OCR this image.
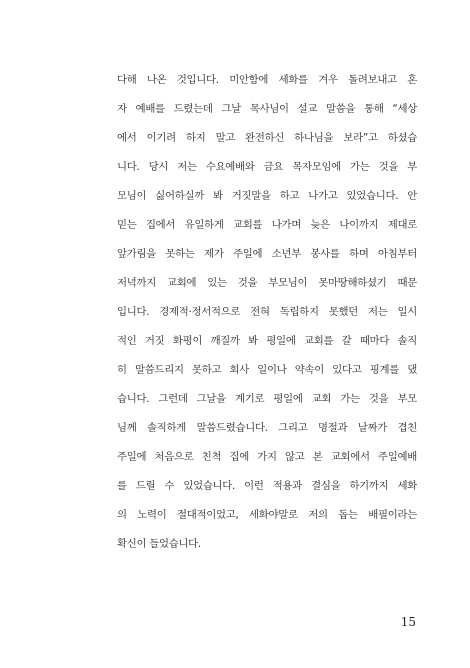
다해 나온 것입니다. 미안함에 세화를 겨우 돌려보내고 혼
자 예배를 드렸는데 그날 목사님이 설교 말씀을 통해 “세상
에서 이기려 하지 말고 완전하신 하나님을 보라”고 하셨습
니다. 당시 저는 수요예배와 금요 목자모임에 가는 것을 부
모님이 싫어하실까 봐 거짓말을 하고 나가고 있었습니다. 안
믿는 집에서 유일하게 교회를 나가며 늦은 나이까지 제대로
앞가림을 못하는 제가 주일에 소년부 봉사를 하며 아침부터
저녁까지 교회에 있는 것을 부모님이 못마땅해하셨기 때문
입니다. 경제적·정서적으로 전혀 독립하지 못했던 저는 일시
적인 거짓 화평이 깨질까 봐 평일에 교회를 갈 때마다 솔직
히 말씀드리지 못하고 회사 일이나 약속이 있다고 핑계를 댔
습니다. 그런데 그날을 계기로 평일에 교회 가는 것을 부모
님께 솔직하게 말씀드렸습니다. 그리고 명절과 날짜가 겹친
주일에 처음으로 친척 집에 가지 않고 본 교회에서 주일예배
를 드릴 수 있었습니다. 이런 적용과 결심을 하기까지 세화
의 노력이 절대적이었고, 세화야말로 저의 돕는 배필이라는
확신이 들었습니다.
15
